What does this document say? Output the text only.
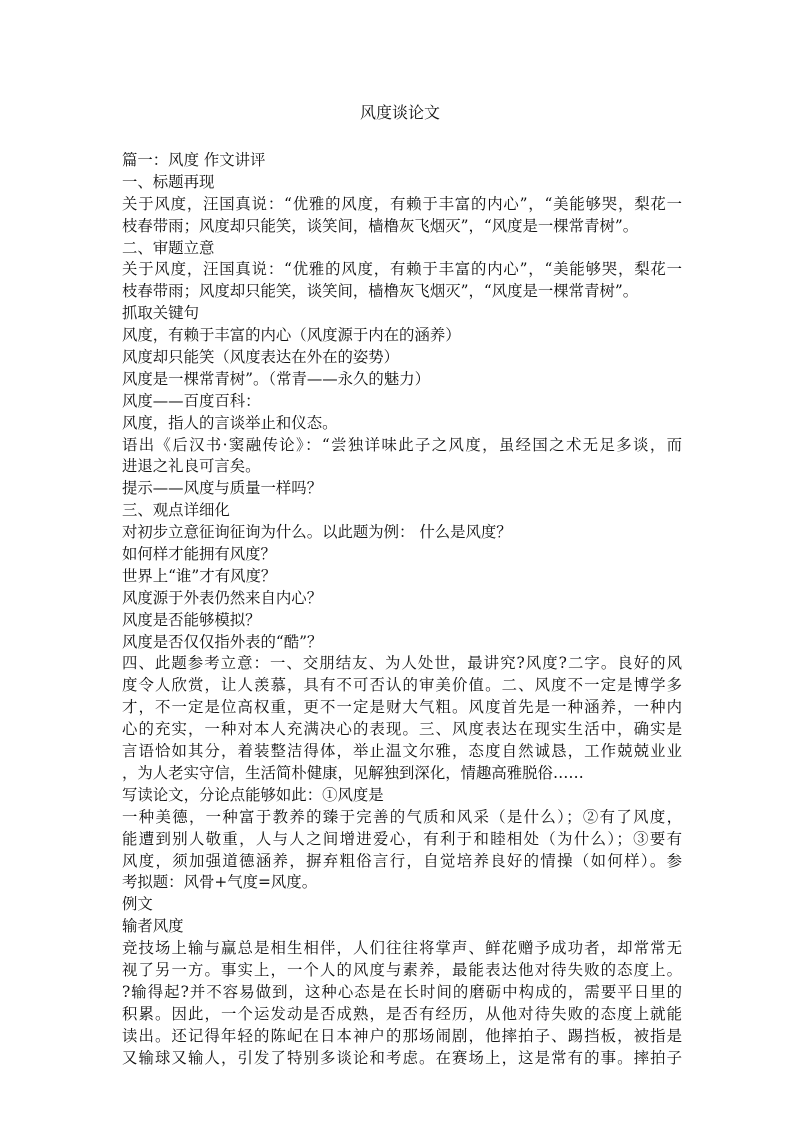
风度谈论文
篇一：风度 作文讲评
一、标题再现
关于风度，汪国真说：“优雅的风度，有赖于丰富的内心”，“美能够哭，梨花一
枝春带雨；风度却只能笑，谈笑间，樯橹灰飞烟灭”，“风度是一棵常青树”。
二、审题立意
关于风度，汪国真说：“优雅的风度，有赖于丰富的内心”，“美能够哭，梨花一
枝春带雨；风度却只能笑，谈笑间，樯橹灰飞烟灭”，“风度是一棵常青树”。
抓取关键句
风度，有赖于丰富的内心（风度源于内在的涵养）
风度却只能笑（风度表达在外在的姿势）
风度是一棵常青树”。（常青——永久的魅力）
风度——百度百科：
风度，指人的言谈举止和仪态。
语出《后汉书·窦融传论》：“尝独详味此子之风度，虽经国之术无足多谈，而
进退之礼良可言矣。
提示——风度与质量一样吗？
三、观点详细化
对初步立意征询征询为什么。以此题为例： 什么是风度？
如何样才能拥有风度？
世界上“谁”才有风度？
风度源于外表仍然来自内心？
风度是否能够模拟？
风度是否仅仅指外表的“酷”？
四、此题参考立意：一、交朋结友、为人处世，最讲究?风度?二字。良好的风
度令人欣赏，让人羡慕，具有不可否认的审美价值。二、风度不一定是博学多
才，不一定是位高权重，更不一定是财大气粗。风度首先是一种涵养，一种内
心的充实，一种对本人充满决心的表现。三、风度表达在现实生活中，确实是
言语恰如其分，着装整洁得体，举止温文尔雅，态度自然诚恳，工作兢兢业业
，为人老实守信，生活简朴健康，见解独到深化，情趣高雅脱俗……
写读论文，分论点能够如此：①风度是
一种美德，一种富于教养的臻于完善的气质和风采（是什么）；②有了风度，
能遭到别人敬重，人与人之间增进爱心，有利于和睦相处（为什么）；③要有
风度，须加强道德涵养，摒弃粗俗言行，自觉培养良好的情操（如何样）。参
考拟题：风骨+气度=风度。
例文
输者风度
竞技场上输与赢总是相生相伴，人们往往将掌声、鲜花赠予成功者，却常常无
视了另一方。事实上，一个人的风度与素养，最能表达他对待失败的态度上。
?输得起?并不容易做到，这种心态是在长时间的磨砺中构成的，需要平日里的
积累。因此，一个运发动是否成熟，是否有经历，从他对待失败的态度上就能
读出。还记得年轻的陈屺在日本神户的那场闹剧，他摔拍子、踢挡板，被指是
又输球又输人，引发了特别多谈论和考虑。在赛场上，这是常有的事。摔拍子
